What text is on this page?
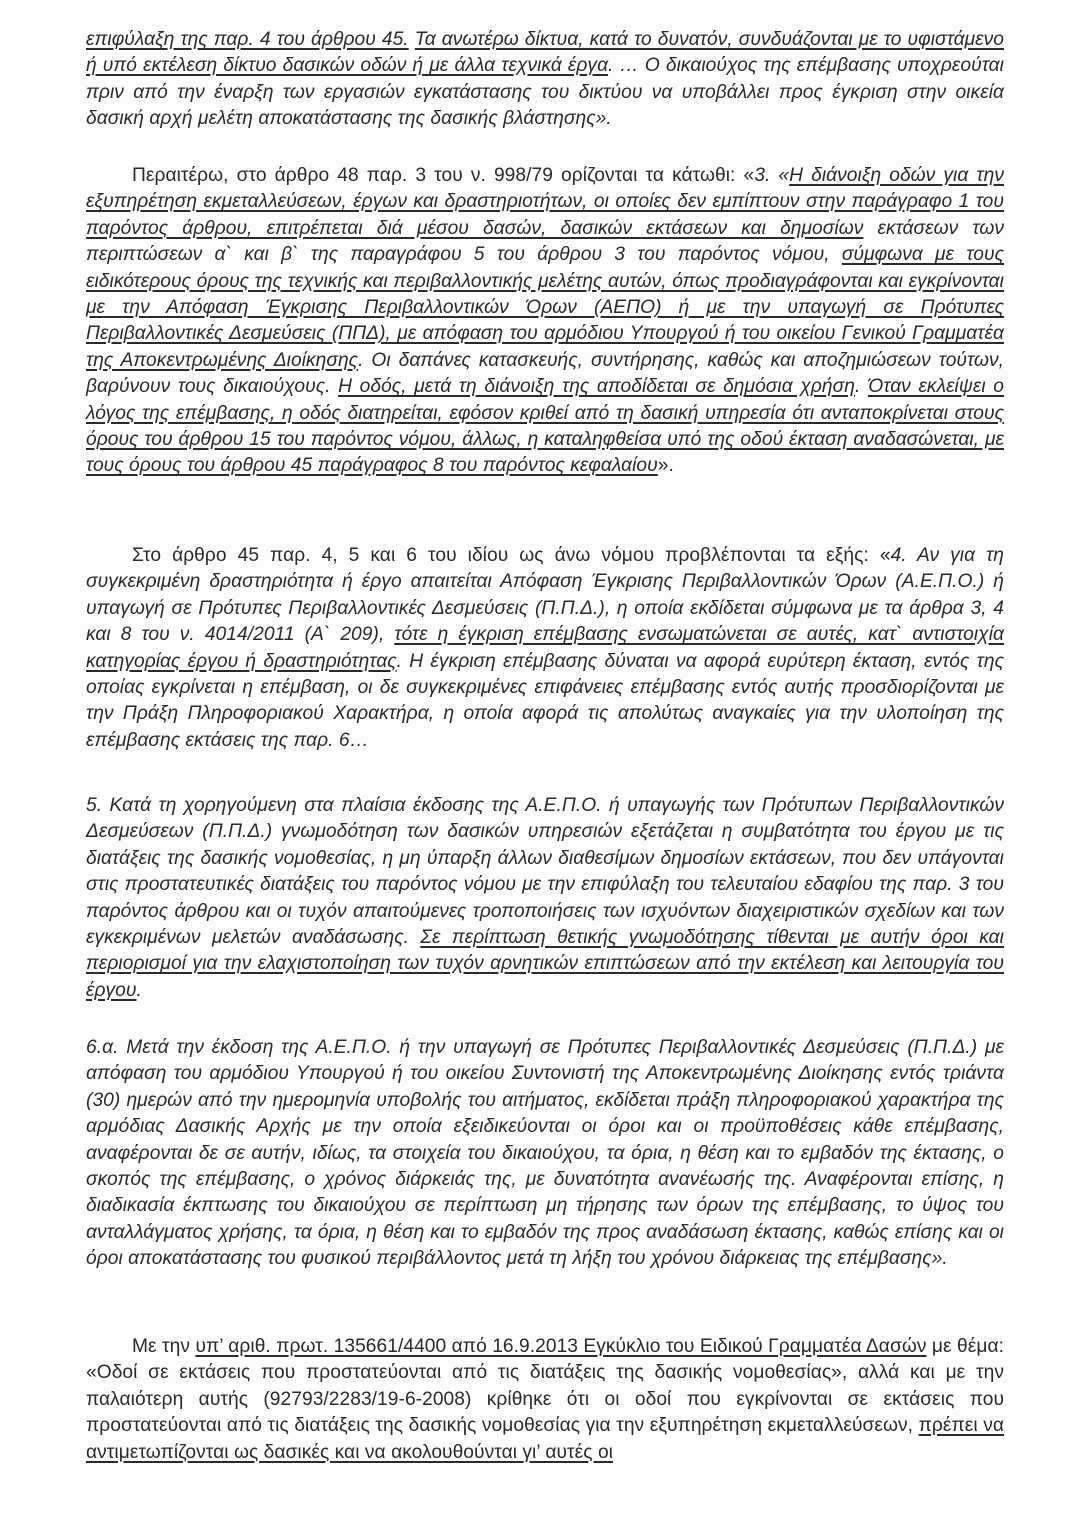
επιφύλαξη της παρ. 4 του άρθρου 45. Τα ανωτέρω δίκτυα, κατά το δυνατόν, συνδυάζονται με το υφιστάμενο ή υπό εκτέλεση δίκτυο δασικών οδών ή με άλλα τεχνικά έργα. … Ο δικαιούχος της επέμβασης υποχρεούται πριν από την έναρξη των εργασιών εγκατάστασης του δικτύου να υποβάλλει προς έγκριση στην οικεία δασική αρχή μελέτη αποκατάστασης της δασικής βλάστησης».

Περαιτέρω, στο άρθρο 48 παρ. 3 του ν. 998/79 ορίζονται τα κάτωθι: «3. «Η διάνοιξη οδών για την εξυπηρέτηση εκμεταλλεύσεων, έργων και δραστηριοτήτων, οι οποίες δεν εμπίπτουν στην παράγραφο 1 του παρόντος άρθρου, επιτρέπεται διά μέσου δασών, δασικών εκτάσεων και δημοσίων εκτάσεων των περιπτώσεων α` και β` της παραγράφου 5 του άρθρου 3 του παρόντος νόμου, σύμφωνα με τους ειδικότερους όρους της τεχνικής και περιβαλλοντικής μελέτης αυτών, όπως προδιαγράφονται και εγκρίνονται με την Απόφαση Έγκρισης Περιβαλλοντικών Όρων (ΑΕΠΟ) ή με την υπαγωγή σε Πρότυπες Περιβαλλοντικές Δεσμεύσεις (ΠΠΔ), με απόφαση του αρμόδιου Υπουργού ή του οικείου Γενικού Γραμματέα της Αποκεντρωμένης Διοίκησης. Οι δαπάνες κατασκευής, συντήρησης, καθώς και αποζημιώσεων τούτων, βαρύνουν τους δικαιούχους. Η οδός, μετά τη διάνοιξη της αποδίδεται σε δημόσια χρήση. Όταν εκλείψει ο λόγος της επέμβασης, η οδός διατηρείται, εφόσον κριθεί από τη δασική υπηρεσία ότι ανταποκρίνεται στους όρους του άρθρου 15 του παρόντος νόμου, άλλως, η καταληφθείσα υπό της οδού έκταση αναδασώνεται, με τους όρους του άρθρου 45 παράγραφος 8 του παρόντος κεφαλαίου».

Στο άρθρο 45 παρ. 4, 5 και 6 του ιδίου ως άνω νόμου προβλέπονται τα εξής: «4. Αν για τη συγκεκριμένη δραστηριότητα ή έργο απαιτείται Απόφαση Έγκρισης Περιβαλλοντικών Όρων (Α.Ε.Π.Ο.) ή υπαγωγή σε Πρότυπες Περιβαλλοντικές Δεσμεύσεις (Π.Π.Δ.), η οποία εκδίδεται σύμφωνα με τα άρθρα 3, 4 και 8 του ν. 4014/2011 (Α` 209), τότε η έγκριση επέμβασης ενσωματώνεται σε αυτές, κατ` αντιστοιχία κατηγορίας έργου ή δραστηριότητας. Η έγκριση επέμβασης δύναται να αφορά ευρύτερη έκταση, εντός της οποίας εγκρίνεται η επέμβαση, οι δε συγκεκριμένες επιφάνειες επέμβασης εντός αυτής προσδιορίζονται με την Πράξη Πληροφοριακού Χαρακτήρα, η οποία αφορά τις απολύτως αναγκαίες για την υλοποίηση της επέμβασης εκτάσεις της παρ. 6…

5. Κατά τη χορηγούμενη στα πλαίσια έκδοσης της Α.Ε.Π.Ο. ή υπαγωγής των Πρότυπων Περιβαλλοντικών Δεσμεύσεων (Π.Π.Δ.) γνωμοδότηση των δασικών υπηρεσιών εξετάζεται η συμβατότητα του έργου με τις διατάξεις της δασικής νομοθεσίας, η μη ύπαρξη άλλων διαθεσίμων δημοσίων εκτάσεων, που δεν υπάγονται στις προστατευτικές διατάξεις του παρόντος νόμου με την επιφύλαξη του τελευταίου εδαφίου της παρ. 3 του παρόντος άρθρου και οι τυχόν απαιτούμενες τροποποιήσεις των ισχυόντων διαχειριστικών σχεδίων και των εγκεκριμένων μελετών αναδάσωσης. Σε περίπτωση θετικής γνωμοδότησης τίθενται με αυτήν όροι και περιορισμοί για την ελαχιστοποίηση των τυχόν αρνητικών επιπτώσεων από την εκτέλεση και λειτουργία του έργου.

6.α. Μετά την έκδοση της Α.Ε.Π.Ο. ή την υπαγωγή σε Πρότυπες Περιβαλλοντικές Δεσμεύσεις (Π.Π.Δ.) με απόφαση του αρμόδιου Υπουργού ή του οικείου Συντονιστή της Αποκεντρωμένης Διοίκησης εντός τριάντα (30) ημερών από την ημερομηνία υποβολής του αιτήματος, εκδίδεται πράξη πληροφοριακού χαρακτήρα της αρμόδιας Δασικής Αρχής με την οποία εξειδικεύονται οι όροι και οι προϋποθέσεις κάθε επέμβασης, αναφέρονται δε σε αυτήν, ιδίως, τα στοιχεία του δικαιούχου, τα όρια, η θέση και το εμβαδόν της έκτασης, ο σκοπός της επέμβασης, ο χρόνος διάρκειάς της, με δυνατότητα ανανέωσής της. Αναφέρονται επίσης, η διαδικασία έκπτωσης του δικαιούχου σε περίπτωση μη τήρησης των όρων της επέμβασης, το ύψος του ανταλλάγματος χρήσης, τα όρια, η θέση και το εμβαδόν της προς αναδάσωση έκτασης, καθώς επίσης και οι όροι αποκατάστασης του φυσικού περιβάλλοντος μετά τη λήξη του χρόνου διάρκειας της επέμβασης».

Με την υπ’ αριθ. πρωτ. 135661/4400 από 16.9.2013 Εγκύκλιο του Ειδικού Γραμματέα Δασών με θέμα: «Οδοί σε εκτάσεις που προστατεύονται από τις διατάξεις της δασικής νομοθεσίας», αλλά και με την παλαιότερη αυτής (92793/2283/19-6-2008) κρίθηκε ότι οι οδοί που εγκρίνονται σε εκτάσεις που προστατεύονται από τις διατάξεις της δασικής νομοθεσίας για την εξυπηρέτηση εκμεταλλεύσεων, πρέπει να αντιμετωπίζονται ως δασικές και να ακολουθούνται γι’ αυτές οι
